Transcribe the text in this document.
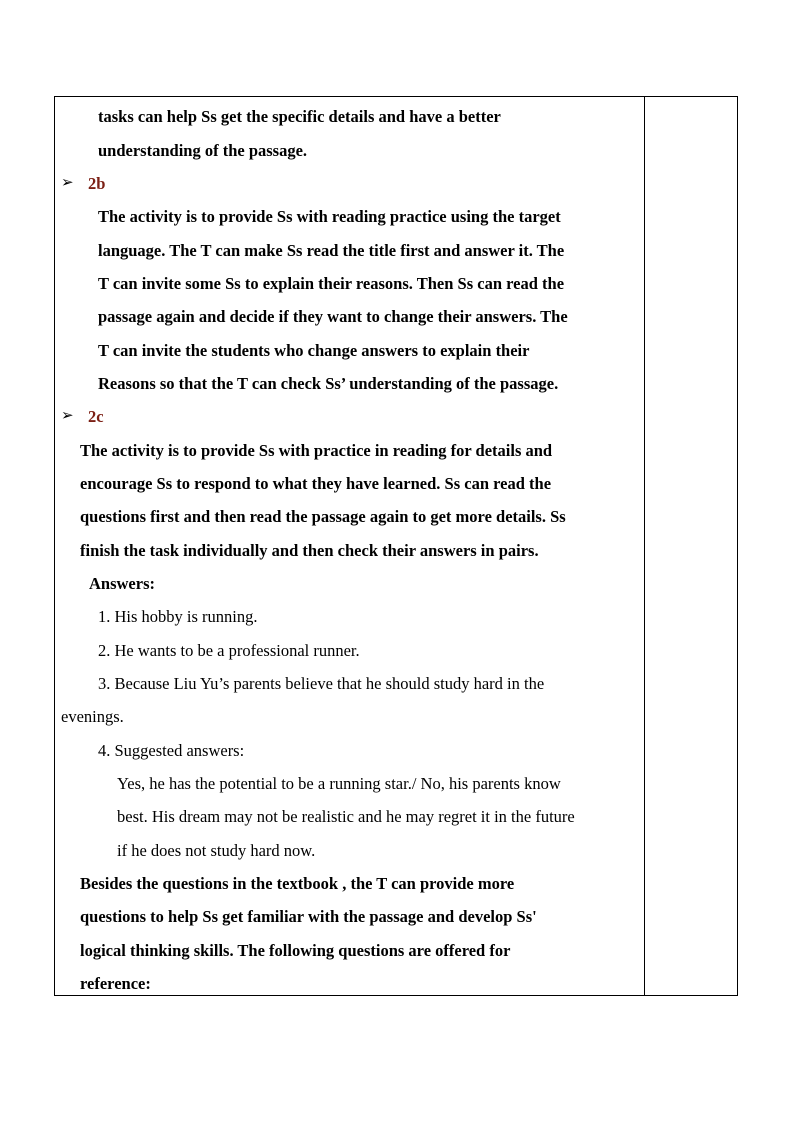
tasks can help Ss get the specific details and have a better
understanding of the passage.
➢ 2b
The activity is to provide Ss with reading practice using the target
language. The T can make Ss read the title first and answer it. The
T can invite some Ss to explain their reasons. Then Ss can read the
passage again and decide if they want to change their answers. The
T can invite the students who change answers to explain their
Reasons so that the T can check Ss’ understanding of the passage.
➢ 2c
The activity is to provide Ss with practice in reading for details and
encourage Ss to respond to what they have learned. Ss can read the
questions first and then read the passage again to get more details. Ss
finish the task individually and then check their answers in pairs.
Answers:
1. His hobby is running.
2. He wants to be a professional runner.
3. Because Liu Yu’s parents believe that he should study hard in the
evenings.
4. Suggested answers:
Yes, he has the potential to be a running star./ No, his parents know
best. His dream may not be realistic and he may regret it in the future
if he does not study hard now.
Besides the questions in the textbook , the T can provide more
questions to help Ss get familiar with the passage and develop Ss'
logical thinking skills. The following questions are offered for
reference:
